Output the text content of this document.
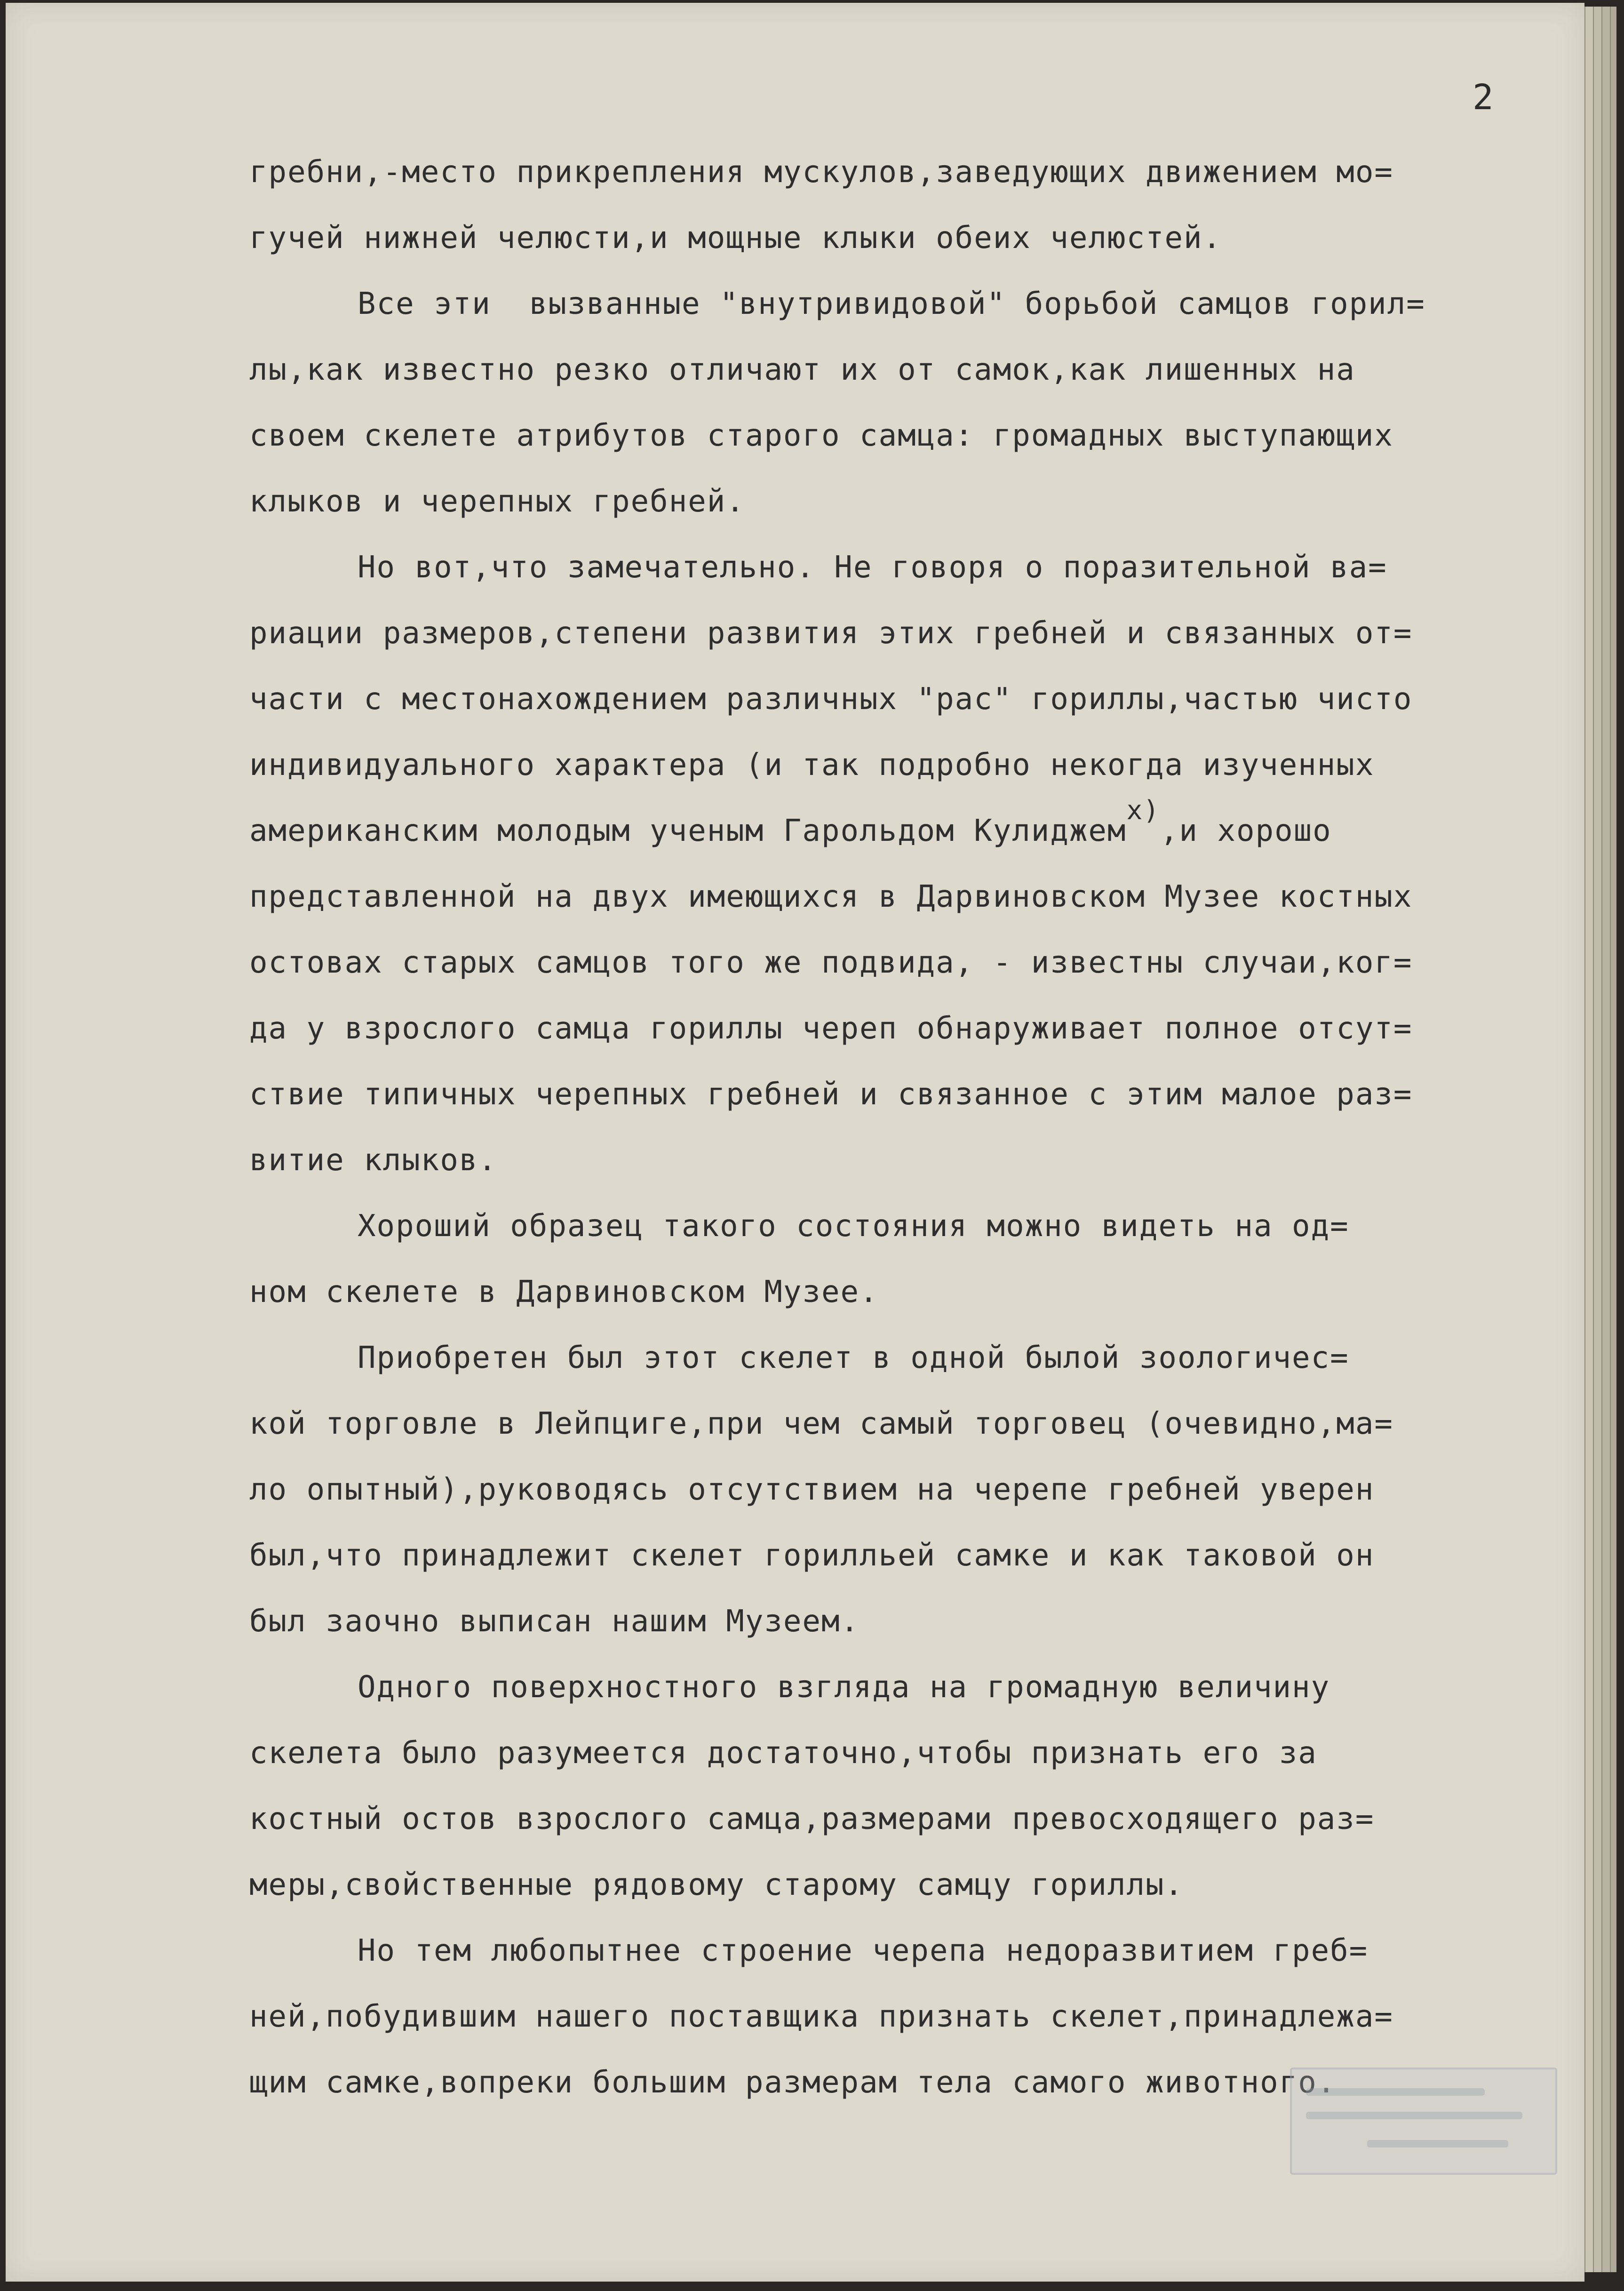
2
гребни,-место прикрепления мускулов,заведующих движением мо=
гучей нижней челюсти,и мощные клыки обеих челюстей.
Все эти  вызванные "внутривидовой" борьбой самцов горил=
лы,как известно резко отличают их от самок,как лишенных на
своем скелете атрибутов старого самца: громадных выступающих
клыков и черепных гребней.
Но вот,что замечательно. Не говоря о поразительной ва=
риации размеров,степени развития этих гребней и связанных от=
части с местонахождением различных "рас" гориллы,частью чисто
индивидуального характера (и так подробно некогда изученных
американским молодым ученым Гарольдом Кулиджемx),и хорошо
представленной на двух имеющихся в Дарвиновском Музее костных
остовах старых самцов того же подвида, - известны случаи,ког=
да у взрослого самца гориллы череп обнаруживает полное отсут=
ствие типичных черепных гребней и связанное с этим малое раз=
витие клыков.
Хороший образец такого состояния можно видеть на од=
ном скелете в Дарвиновском Музее.
Приобретен был этот скелет в одной былой зоологичес=
кой торговле в Лейпциге,при чем самый торговец (очевидно,ма=
ло опытный),руководясь отсутствием на черепе гребней уверен
был,что принадлежит скелет горилльей самке и как таковой он
был заочно выписан нашим Музеем.
Одного поверхностного взгляда на громадную величину
скелета было разумеется достаточно,чтобы признать его за
костный остов взрослого самца,размерами превосходящего раз=
меры,свойственные рядовому старому самцу гориллы.
Но тем любопытнее строение черепа недоразвитием греб=
ней,побудившим нашего поставщика признать скелет,принадлежа=
щим самке,вопреки большим размерам тела самого животного.
